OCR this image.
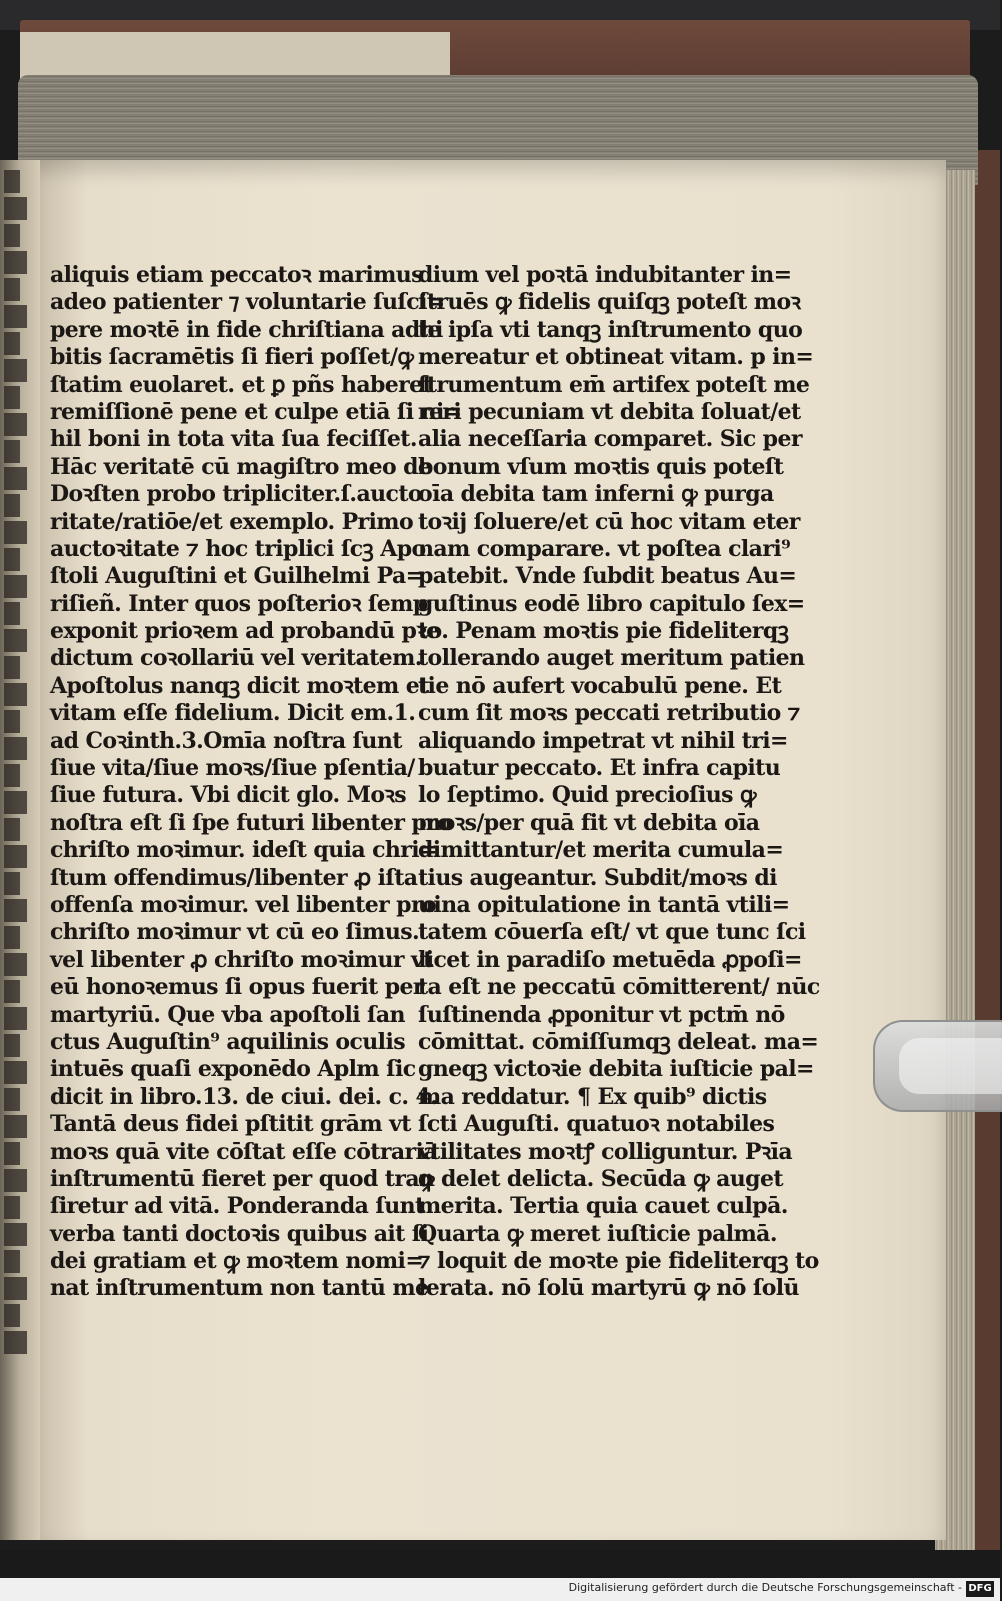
aliquis etiam peccatoꝛ marimus
adeo patienter ⁊ voluntarie ſuſci=
pere moꝛtē in fide chriſtiana adhi
bitis ſacramētis ſi fieri poſſet/ꝙ
ſtatim euolaret. et ꝑ pñs haberet
remiſſionē pene et culpe etiā ſi ni=
hil boni in tota vita ſua feciſſet.
Hāc veritatē cū magiſtro meo de
Doꝛſten probo tripliciter.ſ.aucto
ritate/ratiōe/et exemplo. Primo
auctoꝛitate ⁊ hoc triplici ſcꝫ Apo
ſtoli Auguſtini et Guilhelmi Pa=
riſieñ. Inter quos poſterioꝛ ſemp
exponit prioꝛem ad probandū pꝛe
dictum coꝛollariū vel veritatem.
Apoſtolus nanqꝫ dicit moꝛtem et
vitam eſſe fidelium. Dicit em.1.
ad Coꝛinth.3.Omīa noſtra ſunt
ſiue vita/ſiue moꝛs/ſiue pſentia/
ſiue futura. Vbi dicit glo. Moꝛs
noſtra eſt ſi ſpe futuri libenter pro
chriſto moꝛimur. ideſt quia chri=
ſtum offendimus/libenter ꝓ iſta
offenſa moꝛimur. vel libenter pro
chriſto moꝛimur vt cū eo ſimus.
vel libenter ꝓ chriſto moꝛimur vt
eū honoꝛemus ſi opus fuerit per
martyriū. Que vba apoſtoli ſan
ctus Auguſtin⁹ aquilinis oculis
intuēs quaſi exponēdo Aplm ſic
dicit in libro.13. de ciui. dei. c. 4.
Tantā deus fidei pſtitit grām vt
moꝛs quā vite cōſtat eſſe cōtrariā
inſtrumentū fieret per quod tran
ſiretur ad vitā. Ponderanda ſunt
verba tanti doctoꝛis quibus ait ſi
dei gratiam et ꝙ moꝛtem nomi=
nat inſtrumentum non tantū me
dium vel poꝛtā indubitanter in=
ſtruēs ꝙ fidelis quiſqꝫ poteſt moꝛ
te ipſa vti tanqꝫ inſtrumento quo
mereatur et obtineat vitam. p in=
ſtrumentum em̄ artifex poteſt me
reri pecuniam vt debita ſoluat/et
alia neceſſaria comparet. Sic per
bonum vſum moꝛtis quis poteſt
oīa debita tam inferni ꝙ purga
toꝛij ſoluere/et cū hoc vitam eter
nam comparare. vt poſtea clari⁹
patebit. Vnde ſubdit beatus Au=
guſtinus eodē libro capitulo ſex=
to. Penam moꝛtis pie fideliterqꝫ
tollerando auget meritum patien
tie nō aufert vocabulū pene. Et
cum ſit moꝛs peccati retributio ⁊
aliquando impetrat vt nihil tri=
buatur peccato. Et infra capitu
lo ſeptimo. Quid precioſius ꝙ
moꝛs/per quā fit vt debita oīa
dimittantur/et merita cumula=
tius augeantur. Subdit/moꝛs di
uina opitulatione in tantā vtili=
tatem cōuerſa eſt/ vt que tunc ſci
licet in paradiſo metuēda ꝓpoſi=
ta eſt ne peccatū cōmitterent/ nūc
ſuſtinenda ꝓponitur vt pctm̄ nō
cōmittat. cōmiſſumqꝫ deleat. ma=
gneqꝫ victoꝛie debita iuſticie pal=
ma reddatur. ¶ Ex quib⁹ dictis
ſcti Auguſti. quatuoꝛ notabiles
vtilitates moꝛtꝭ colliguntur. Pꝛīa
ꝙ delet delicta. Secūda ꝙ auget
merita. Tertia quia cauet culpā.
Quarta ꝙ meret iuſticie palmā.
⁊ loquit de moꝛte pie fideliterqꝫ to
lerata. nō ſolū martyrū ꝙ nō ſolū
Digitalisierung gefördert durch die Deutsche Forschungsgemeinschaft - DFG
